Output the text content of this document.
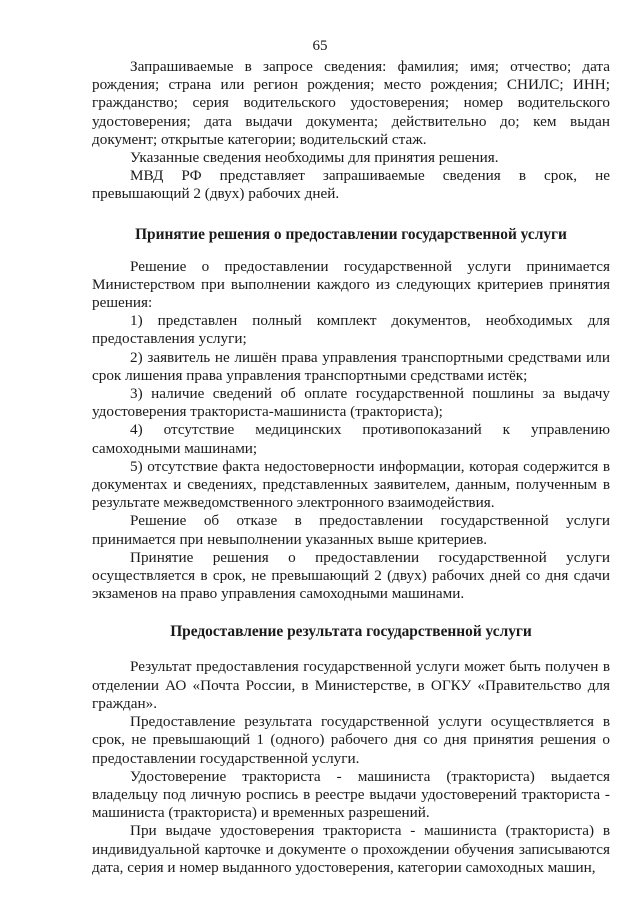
65

Запрашиваемые в запросе сведения: фамилия; имя; отчество; дата рождения; страна или регион рождения; место рождения; СНИЛС; ИНН; гражданство; серия водительского удостоверения; номер водительского удостоверения; дата выдачи документа; действительно до; кем выдан документ; открытые категории; водительский стаж.

Указанные сведения необходимы для принятия решения.

МВД РФ представляет запрашиваемые сведения в срок, не превышающий 2 (двух) рабочих дней.

Принятие решения о предоставлении государственной услуги

Решение о предоставлении государственной услуги принимается Министерством при выполнении каждого из следующих критериев принятия решения:

1) представлен полный комплект документов, необходимых для предоставления услуги;

2) заявитель не лишён права управления транспортными средствами или срок лишения права управления транспортными средствами истёк;

3) наличие сведений об оплате государственной пошлины за выдачу удостоверения тракториста-машиниста (тракториста);

4) отсутствие медицинских противопоказаний к управлению самоходными машинами;

5) отсутствие факта недостоверности информации, которая содержится в документах и сведениях, представленных заявителем, данным, полученным в результате межведомственного электронного взаимодействия.

Решение об отказе в предоставлении государственной услуги принимается при невыполнении указанных выше критериев.

Принятие решения о предоставлении государственной услуги осуществляется в срок, не превышающий 2 (двух) рабочих дней со дня сдачи экзаменов на право управления самоходными машинами.

Предоставление результата государственной услуги

Результат предоставления государственной услуги может быть получен в отделении АО «Почта России, в Министерстве, в ОГКУ «Правительство для граждан».

Предоставление результата государственной услуги осуществляется в срок, не превышающий 1 (одного) рабочего дня со дня принятия решения о предоставлении государственной услуги.

Удостоверение тракториста - машиниста (тракториста) выдается владельцу под личную роспись в реестре выдачи удостоверений тракториста - машиниста (тракториста) и временных разрешений.

При выдаче удостоверения тракториста - машиниста (тракториста) в индивидуальной карточке и документе о прохождении обучения записываются дата, серия и номер выданного удостоверения, категории самоходных машин,
